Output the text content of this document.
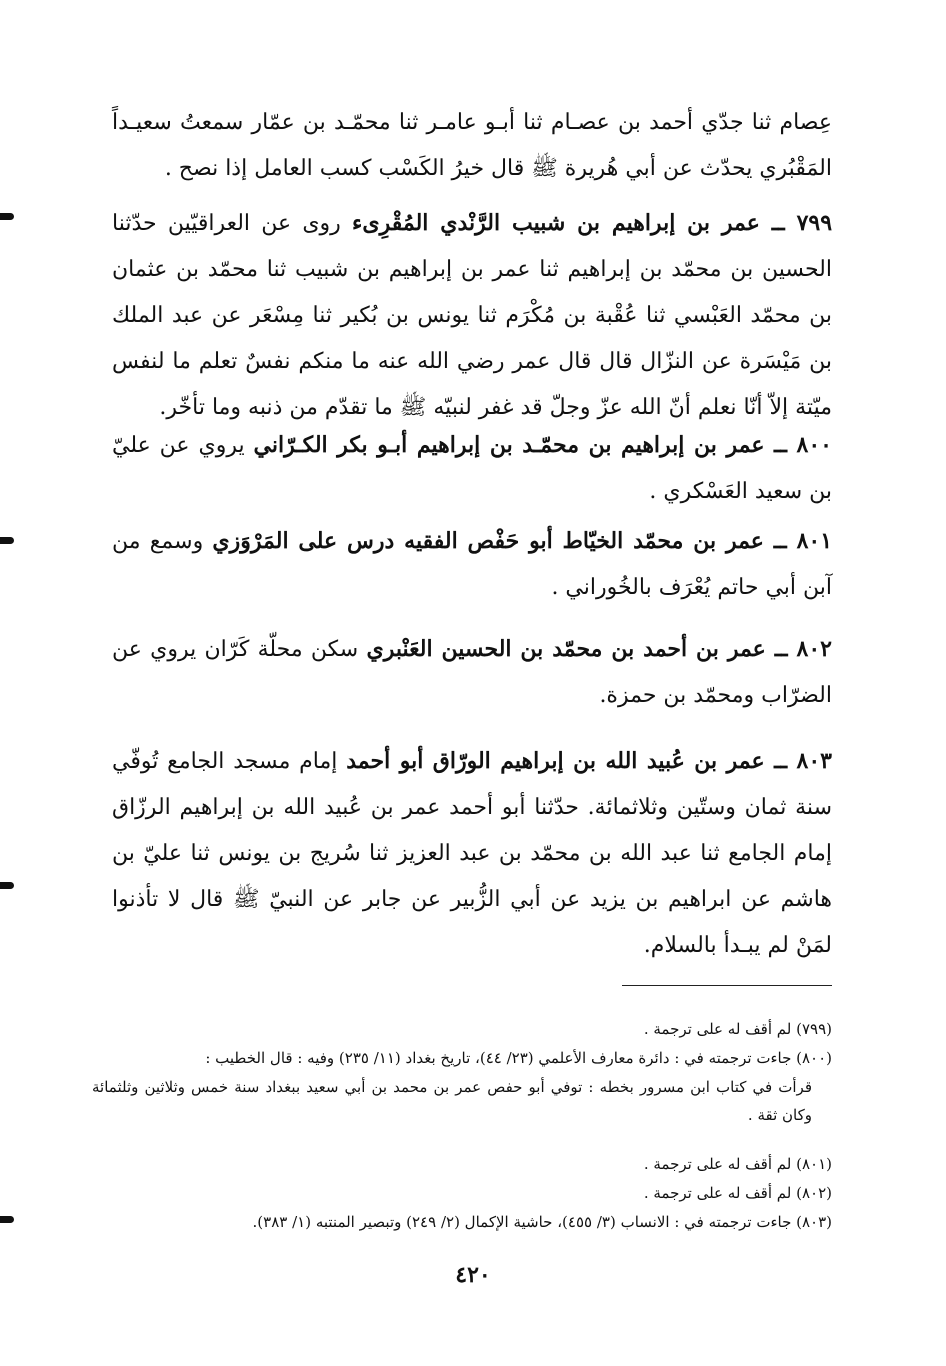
عِصام ثنا جدّي أحمد بن عصـام ثنا أبـو عامـر ثنا محمّـد بن عمّار سمعتُ سعيـداً المَقْبُري يحدّث عن أبي هُريرة ﷺ قال خيرُ الكَسْب كسب العامل إذا نصح .

٧٩٩ ــ عمر بن إبراهيم بن شبيب الرَّنْدي المُقْرِىء روى عن العراقيّين حدّثنا الحسين بن محمّد بن إبراهيم ثنا عمر بن إبراهيم بن شبيب ثنا محمّد بن عثمان بن محمّد العَبْسي ثنا عُقْبة بن مُكْرَم ثنا يونس بن بُكير ثنا مِسْعَر عن عبد الملك بن مَيْسَرة عن النزّال قال قال عمر رضي الله عنه ما منكم نفسٌ تعلم ما لنفس ميّتة إلاّ أنّا نعلم أنّ الله عزّ وجلّ قد غفر لنبيّه ﷺ ما تقدّم من ذنبه وما تأخّر.

٨٠٠ ــ عمر بن إبراهيم بن محمّـد بن إبراهيم أبـو بكر الكـرّاني يروي عن عليّ بن سعيد العَسْكري .

٨٠١ ــ عمر بن محمّد الخيّاط أبو حَفْص الفقيه درس على المَرْوَزي وسمع من آبن أبي حاتم يُعْرَف بالخُوراني .

٨٠٢ ــ عمر بن أحمد بن محمّد بن الحسين العَنْبري سكن محلّة كَرّان يروي عن الضرّاب ومحمّد بن حمزة.

٨٠٣ ــ عمر بن عُبيد الله بن إبراهيم الورّاق أبو أحمد إمام مسجد الجامع تُوفّي سنة ثمان وستّين وثلاثمائة. حدّثنا أبو أحمد عمر بن عُبيد الله بن إبراهيم الرزّاق إمام الجامع ثنا عبد الله بن محمّد بن عبد العزيز ثنا سُريج بن يونس ثنا عليّ بن هاشم عن ابراهيم بن يزيد عن أبي الزُّبير عن جابر عن النبيّ ﷺ قال لا تأذنوا لمَنْ لم يبـدأ بالسلام.

(٧٩٩) لم أقف له على ترجمة .

(٨٠٠) جاءت ترجمته في : دائرة معارف الأعلمي (٢٣/ ٤٤)، تاريخ بغداد (١١/ ٢٣٥) وفيه : قال الخطيب :

قرأت في كتاب ابن مسرور بخطه : توفي أبو حفص عمر بن محمد بن أبي سعيد ببغداد سنة خمس وثلاثين وثلثمائة وكان ثقة .

(٨٠١) لم أقف له على ترجمة .

(٨٠٢) لم أقف له على ترجمة .

(٨٠٣) جاءت ترجمته في : الانساب (٣/ ٤٥٥)، حاشية الإكمال (٢/ ٢٤٩) وتبصير المنتبه (١/ ٣٨٣).

٤٢٠
